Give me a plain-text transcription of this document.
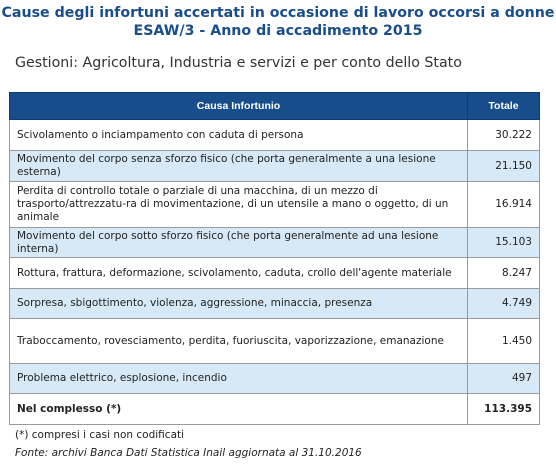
Cause degli infortuni accertati in occasione di lavoro occorsi a donne
ESAW/3 - Anno di accadimento 2015
Gestioni: Agricoltura, Industria e servizi e per conto dello Stato
Causa Infortunio	Totale
Scivolamento o inciampamento con caduta di persona	30.222
Movimento del corpo senza sforzo fisico (che porta generalmente a una lesione esterna)	21.150
Perdita di controllo totale o parziale di una macchina, di un mezzo di trasporto/attrezzatu-ra di movimentazione, di un utensile a mano o oggetto, di un animale	16.914
Movimento del corpo sotto sforzo fisico (che porta generalmente ad una lesione interna)	15.103
Rottura, frattura, deformazione, scivolamento, caduta, crollo dell'agente materiale	8.247
Sorpresa, sbigottimento, violenza, aggressione, minaccia, presenza	4.749
Traboccamento, rovesciamento, perdita, fuoriuscita, vaporizzazione, emanazione	1.450
Problema elettrico, esplosione, incendio	497
Nel complesso (*)	113.395
(*) compresi i casi non codificati
Fonte: archivi Banca Dati Statistica Inail aggiornata al 31.10.2016
